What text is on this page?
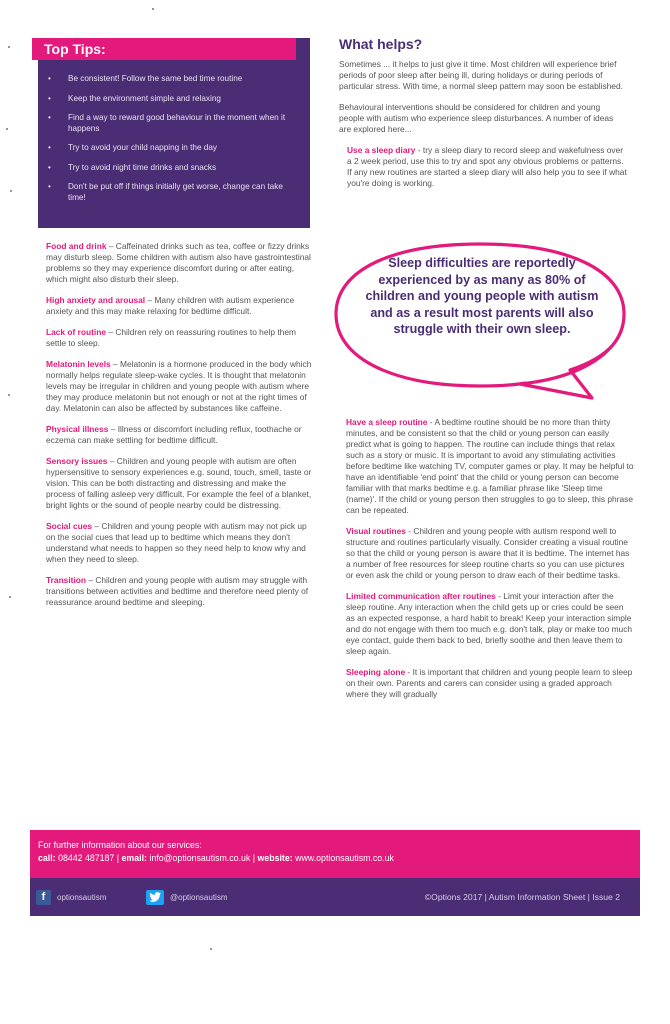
Top Tips:
• Be consistent! Follow the same bed time routine
• Keep the environment simple and relaxing
• Find a way to reward good behaviour in the moment when it happens
• Try to avoid your child napping in the day
• Try to avoid night time drinks and snacks
• Don't be put off if things initially get worse, change can take time!

Food and drink – Caffeinated drinks such as tea, coffee or fizzy drinks may disturb sleep. Some children with autism also have gastrointestinal problems so they may experience discomfort during or after eating, which might also disturb their sleep.

High anxiety and arousal – Many children with autism experience anxiety and this may make relaxing for bedtime difficult.

Lack of routine – Children rely on reassuring routines to help them settle to sleep.

Melatonin levels – Melatonin is a hormone produced in the body which normally helps regulate sleep-wake cycles. It is thought that melatonin levels may be irregular in children and young people with autism where they may produce melatonin but not enough or not at the right times of day. Melatonin can also be affected by substances like caffeine.

Physical illness – Illness or discomfort including reflux, toothache or eczema can make settling for bedtime difficult.

Sensory issues – Children and young people with autism are often hypersensitive to sensory experiences e.g. sound, touch, smell, taste or vision. This can be both distracting and distressing and make the process of falling asleep very difficult. For example the feel of a blanket, bright lights or the sound of people nearby could be distressing.

Social cues – Children and young people with autism may not pick up on the social cues that lead up to bedtime which means they don't understand what needs to happen so they need help to know why and when they need to sleep.

Transition – Children and young people with autism may struggle with transitions between activities and bedtime and therefore need plenty of reassurance around bedtime and sleeping.

What helps?

Sometimes ... it helps to just give it time. Most children will experience brief periods of poor sleep after being ill, during holidays or during periods of particular stress. With time, a normal sleep pattern may soon be established.

Behavioural interventions should be considered for children and young people with autism who experience sleep disturbances. A number of ideas are explored here...

Use a sleep diary - try a sleep diary to record sleep and wakefulness over a 2 week period, use this to try and spot any obvious problems or patterns. If any new routines are started a sleep diary will also help you to see if what you're doing is working.

Sleep difficulties are reportedly experienced by as many as 80% of children and young people with autism and as a result most parents will also struggle with their own sleep.

Have a sleep routine - A bedtime routine should be no more than thirty minutes, and be consistent so that the child or young person can easily predict what is going to happen. The routine can include things that relax such as a story or music. It is important to avoid any stimulating activities before bedtime like watching TV, computer games or play. It may be helpful to have an identifiable 'end point' that the child or young person can become familiar with that marks bedtime e.g. a familiar phrase like 'Sleep time (name)'. If the child or young person then struggles to go to sleep, this phrase can be repeated.

Visual routines - Children and young people with autism respond well to structure and routines particularly visually. Consider creating a visual routine so that the child or young person is aware that it is bedtime. The internet has a number of free resources for sleep routine charts so you can use pictures or even ask the child or young person to draw each of their bedtime tasks.

Limited communication after routines - Limit your interaction after the sleep routine. Any interaction when the child gets up or cries could be seen as an expected response, a hard habit to break! Keep your interaction simple and do not engage with them too much e.g. don't talk, play or make too much eye contact, guide them back to bed, briefly soothe and then leave them to sleep again.

Sleeping alone - It is important that children and young people learn to sleep on their own. Parents and carers can consider using a graded approach where they will gradually

For further information about our services:
call: 08442 487187 | email: info@optionsautism.co.uk | website: www.optionsautism.co.uk
f	optionsautism	@optionsautism	©Options 2017 | Autism Information Sheet | Issue 2
